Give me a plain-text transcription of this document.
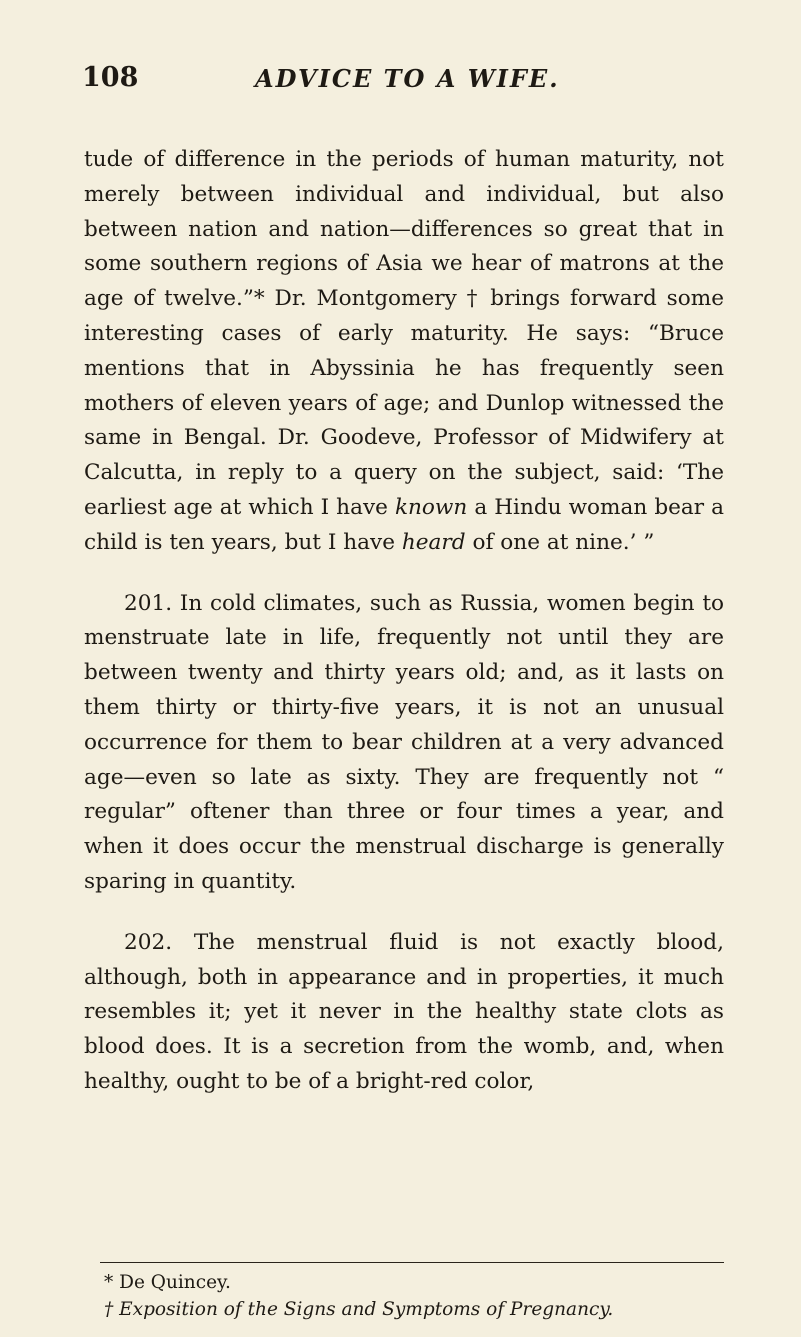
108	ADVICE TO A WIFE.

tude of difference in the periods of human maturity, not merely between individual and individual, but also between nation and nation—differences so great that in some southern regions of Asia we hear of matrons at the age of twelve.”* Dr. Montgomery † brings forward some interesting cases of early maturity. He says: “Bruce mentions that in Abyssinia he has frequently seen mothers of eleven years of age; and Dunlop witnessed the same in Bengal. Dr. Goodeve, Professor of Midwifery at Calcutta, in reply to a query on the subject, said: ‘The earliest age at which I have known a Hindu woman bear a child is ten years, but I have heard of one at nine.’ ”

201. In cold climates, such as Russia, women begin to menstruate late in life, frequently not until they are between twenty and thirty years old; and, as it lasts on them thirty or thirty-five years, it is not an unusual occurrence for them to bear children at a very advanced age—even so late as sixty. They are frequently not “ regular” oftener than three or four times a year, and when it does occur the menstrual discharge is generally sparing in quantity.

202. The menstrual fluid is not exactly blood, although, both in appearance and in properties, it much resembles it; yet it never in the healthy state clots as blood does. It is a secretion from the womb, and, when healthy, ought to be of a bright-red color,

* De Quincey.
† Exposition of the Signs and Symptoms of Pregnancy.
